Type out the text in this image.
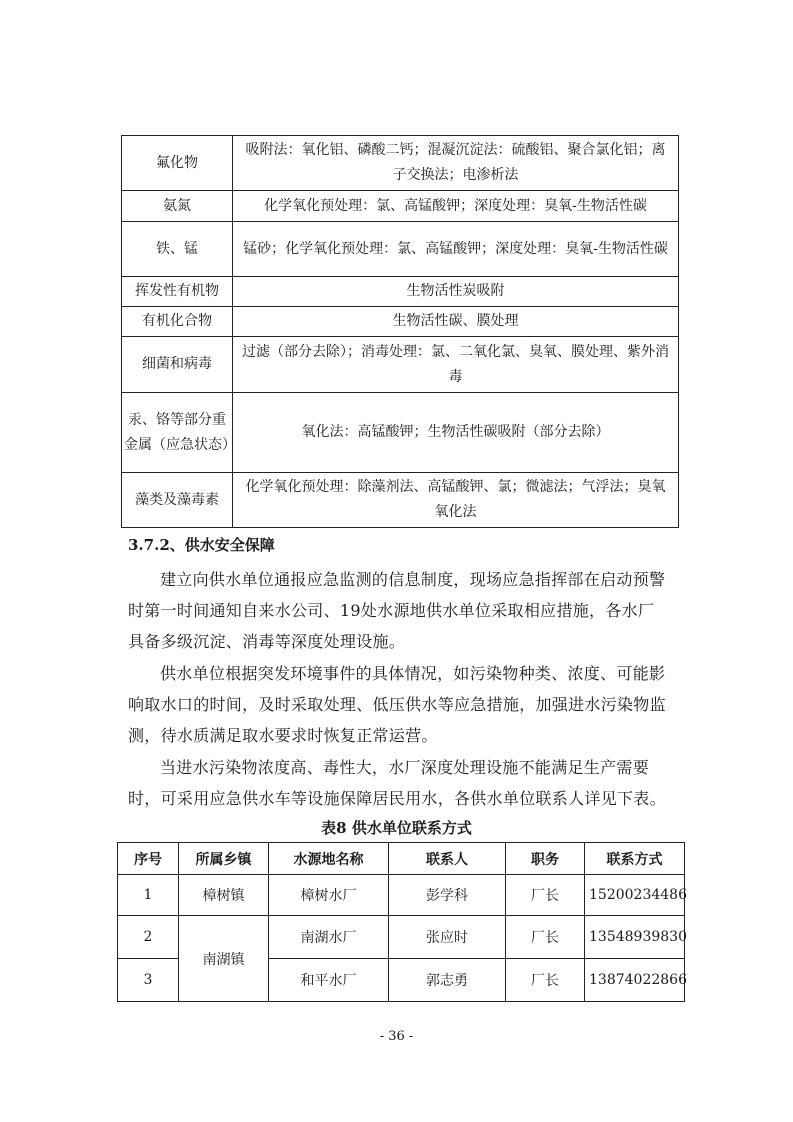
氟化物	吸附法：氧化铝、磷酸二钙；混凝沉淀法：硫酸铝、聚合氯化铝；离子交换法；电渗析法
氨氮	化学氧化预处理：氯、高锰酸钾；深度处理：臭氧-生物活性碳
铁、锰	锰砂；化学氧化预处理：氯、高锰酸钾；深度处理：臭氧-生物活性碳
挥发性有机物	生物活性炭吸附
有机化合物	生物活性碳、膜处理
细菌和病毒	过滤（部分去除）；消毒处理：氯、二氧化氯、臭氧、膜处理、紫外消毒
汞、铬等部分重金属（应急状态）	氧化法：高锰酸钾；生物活性碳吸附（部分去除）
藻类及藻毒素	化学氧化预处理：除藻剂法、高锰酸钾、氯；微滤法；气浮法；臭氧氧化法
3.7.2、供水安全保障

建立向供水单位通报应急监测的信息制度，现场应急指挥部在启动预警时第一时间通知自来水公司、19处水源地供水单位采取相应措施，各水厂具备多级沉淀、消毒等深度处理设施。

供水单位根据突发环境事件的具体情况，如污染物种类、浓度、可能影响取水口的时间，及时采取处理、低压供水等应急措施，加强进水污染物监测，待水质满足取水要求时恢复正常运营。

当进水污染物浓度高、毒性大，水厂深度处理设施不能满足生产需要时，可采用应急供水车等设施保障居民用水，各供水单位联系人详见下表。

表8 供水单位联系方式

序号	所属乡镇	水源地名称	联系人	职务	联系方式
1	樟树镇	樟树水厂	彭学科	厂长	15200234486
2	南湖镇	南湖水厂	张应时	厂长	13548939830
3		和平水厂	郭志勇	厂长	13874022866

- 36 -
